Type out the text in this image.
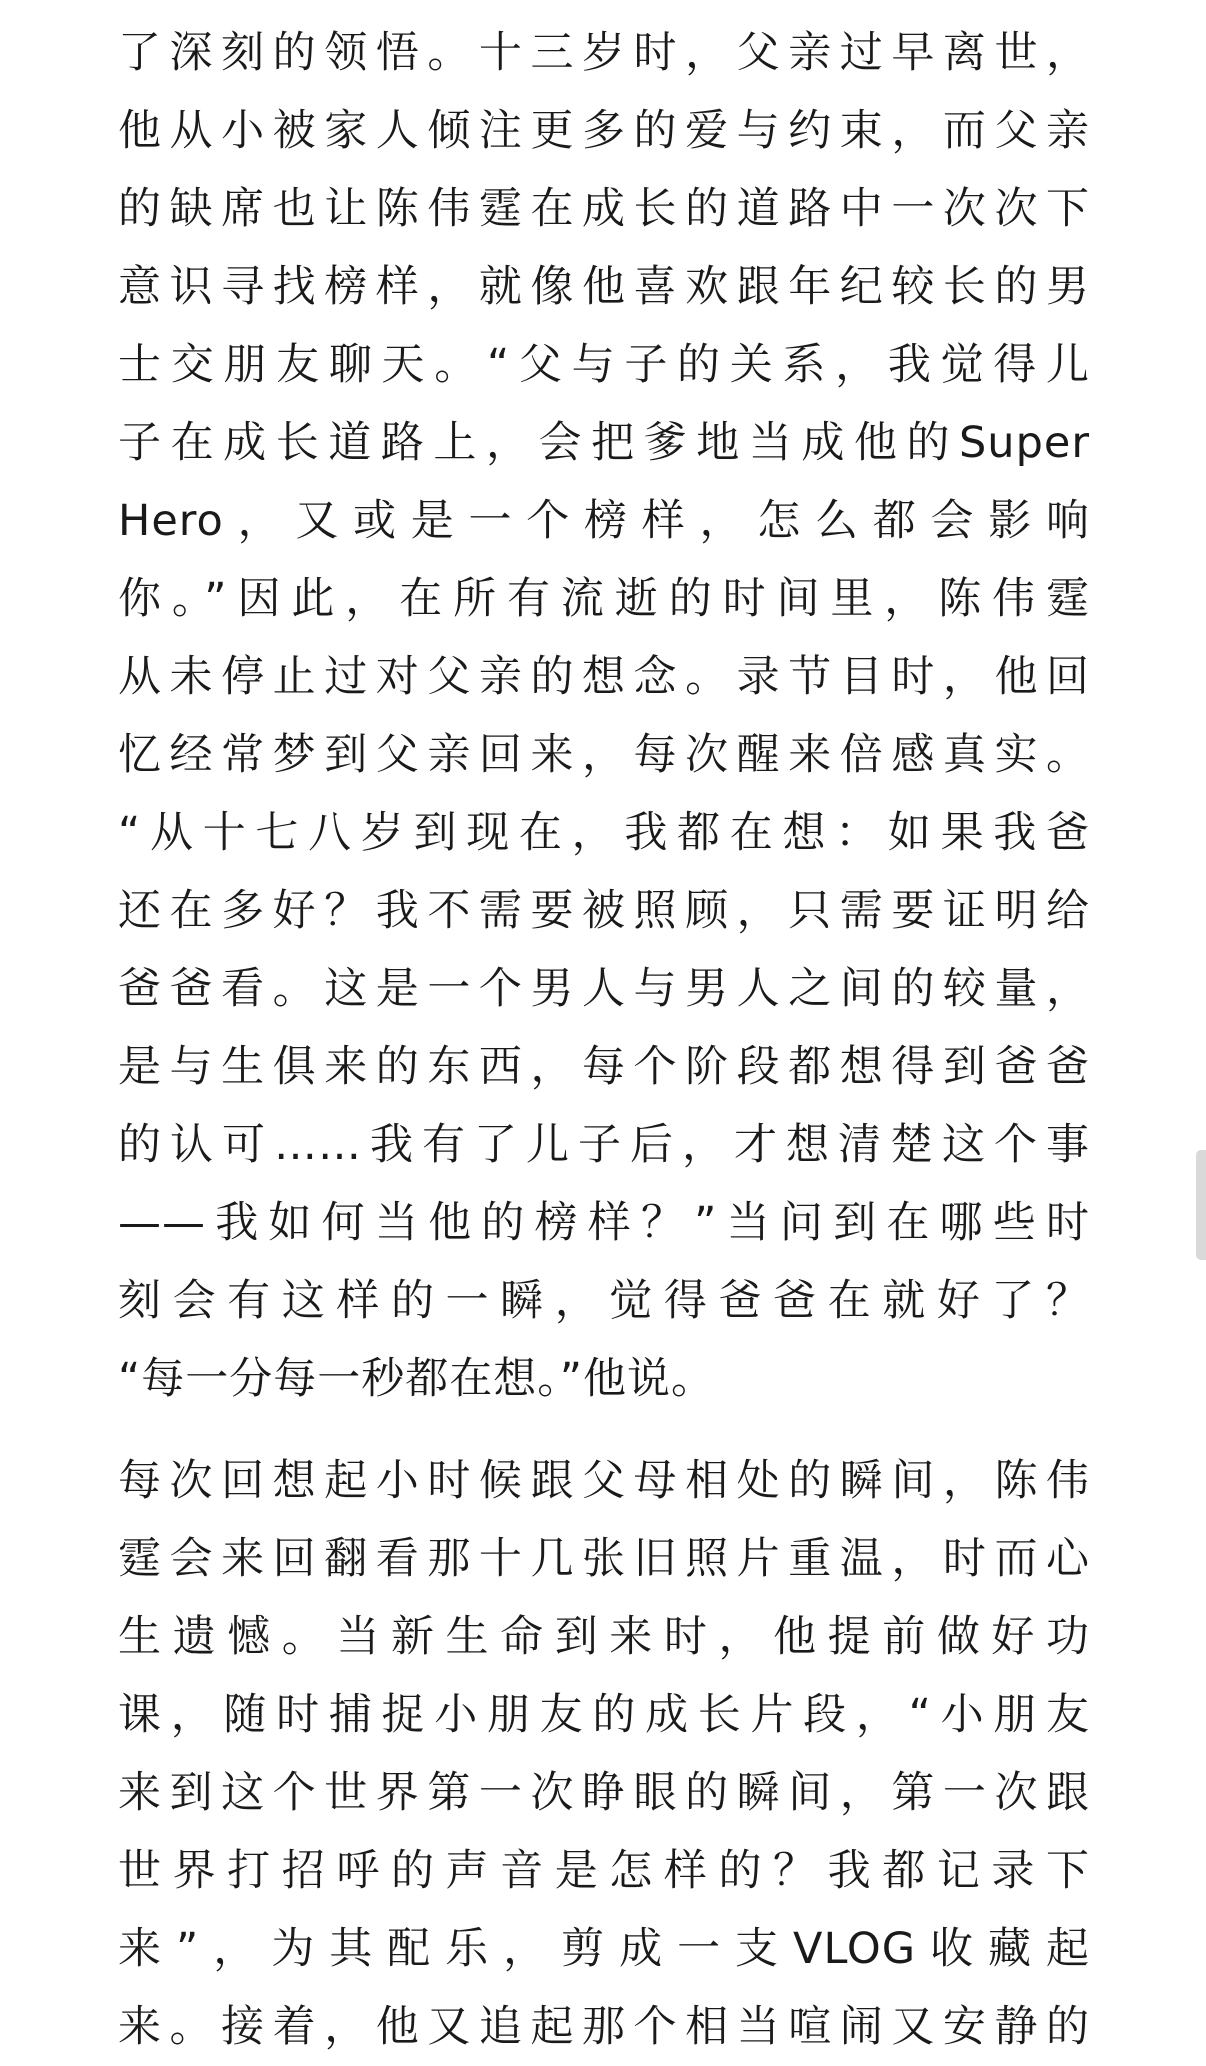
了深刻的领悟。十三岁时，父亲过早离世，
他从小被家人倾注更多的爱与约束，而父亲
的缺席也让陈伟霆在成长的道路中一次次下
意识寻找榜样，就像他喜欢跟年纪较长的男
士交朋友聊天。“父与子的关系，我觉得儿
子在成长道路上，会把爹地当成他的Super
Hero，又或是一个榜样，怎么都会影响
你。”因此，在所有流逝的时间里，陈伟霆
从未停止过对父亲的想念。录节目时，他回
忆经常梦到父亲回来，每次醒来倍感真实。
“从十七八岁到现在，我都在想：如果我爸
还在多好？我不需要被照顾，只需要证明给
爸爸看。这是一个男人与男人之间的较量，
是与生俱来的东西，每个阶段都想得到爸爸
的认可……我有了儿子后，才想清楚这个事
——我如何当他的榜样？”当问到在哪些时
刻会有这样的一瞬，觉得爸爸在就好了？
“每一分每一秒都在想。”他说。
每次回想起小时候跟父母相处的瞬间，陈伟
霆会来回翻看那十几张旧照片重温，时而心
生遗憾。当新生命到来时，他提前做好功
课，随时捕捉小朋友的成长片段，“小朋友
来到这个世界第一次睁眼的瞬间，第一次跟
世界打招呼的声音是怎样的？我都记录下
来”，为其配乐，剪成一支VLOG收藏起
来。接着，他又追起那个相当喧闹又安静的
